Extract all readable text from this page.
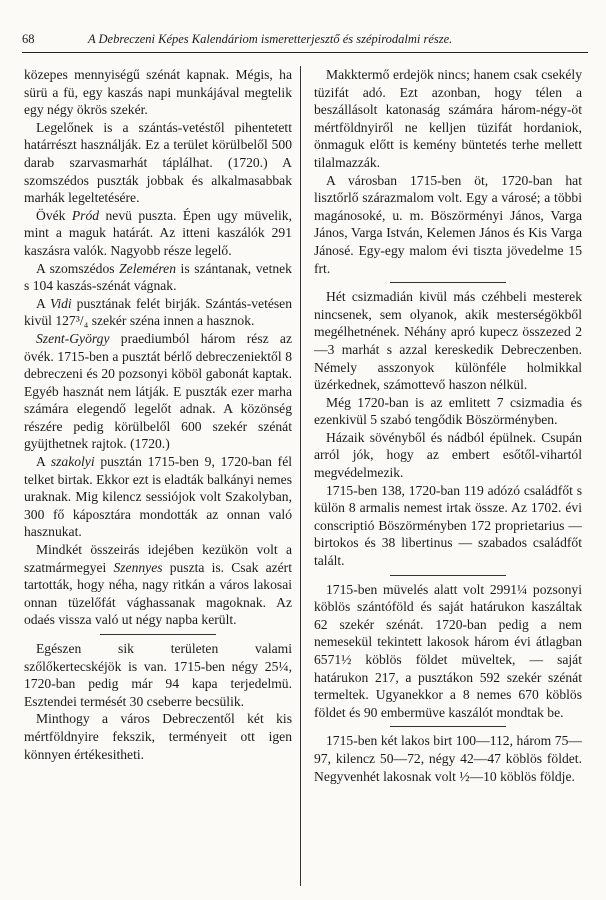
68	A Debreczeni Képes Kalendáriom ismeretterjesztő és szépirodalmi része.

közepes mennyiségű szénát kapnak. Mégis, ha sürü a fü, egy kaszás napi munkájával megtelik egy négy ökrös szekér.

Legelőnek is a szántás-vetéstől pihentetett határrészt használják. Ez a terület körülbelől 500 darab szarvasmarhát táplálhat. (1720.) A szomszédos puszták jobbak és alkalmasabbak marhák legeltetésére.

Övék Pród nevü puszta. Épen ugy müvelik, mint a maguk határát. Az itteni kaszálók 291 kaszásra valók. Nagyobb része legelő.

A szomszédos Zeleméren is szántanak, vetnek s 104 kaszás-szénát vágnak.

A Vidi pusztának felét birják. Szántás-vetésen kivül 127³/₄ szekér széna innen a hasznok.

Szent-György praediumból három rész az övék. 1715-ben a pusztát bérlő debreczeniektől 8 debreczeni és 20 pozsonyi köböl gabonát kaptak. Egyéb hasznát nem látják. E puszták ezer marha számára elegendő legelőt adnak. A közönség részére pedig körülbelől 600 szekér szénát gyüjthetnek rajtok. (1720.)

A szakolyi pusztán 1715-ben 9, 1720-ban fél telket birtak. Ekkor ezt is eladták balkányi nemes uraknak. Mig kilencz sessiójok volt Szakolyban, 300 fő káposztára mondották az onnan való hasznukat.

Mindkét összeirás idejében kezükön volt a szatmármegyei Szennyes puszta is. Csak azért tartották, hogy néha, nagy ritkán a város lakosai onnan tüzelőfát vághassanak magoknak. Az odaés vissza való ut négy napba került.

Egészen sik területen valami szőlőkertecskéjök is van. 1715-ben négy 25¼, 1720-ban pedig már 94 kapa terjedelmü. Esztendei termését 30 cseberre becsülik.

Minthogy a város Debreczentől két kis mértföldnyire fekszik, terményeit ott igen könnyen értékesitheti.

Makktermő erdejök nincs; hanem csak csekély tüzifát adó. Ezt azonban, hogy télen a beszállásolt katonaság számára három-négy-öt mértföldnyiről ne kelljen tüzifát hordaniok, önmaguk előtt is kemény büntetés terhe mellett tilalmazzák.

A városban 1715-ben öt, 1720-ban hat lisztőrlő szárazmalom volt. Egy a városé; a többi magánosoké, u. m. Böszörményi János, Varga János, Varga István, Kelemen János és Kis Varga Jánosé. Egy-egy malom évi tiszta jövedelme 15 frt.

Hét csizmadián kivül más czéhbeli mesterek nincsenek, sem olyanok, akik mesterségökből megélhetnének. Néhány apró kupecz összezed 2—3 marhát s azzal kereskedik Debreczenben. Némely asszonyok különféle holmikkal üzérkednek, számottevő haszon nélkül.

Még 1720-ban is az emlitett 7 csizmadia és ezenkivül 5 szabó tengődik Böszörményben.

Házaik sövényből és nádból épülnek. Csupán arról jók, hogy az embert esőtől-vihartól megvédelmezik.

1715-ben 138, 1720-ban 119 adózó családfőt s külön 8 armalis nemest irtak össze. Az 1702. évi conscriptió Böszörményben 172 proprietarius — birtokos és 38 libertinus — szabados családfőt talált.

1715-ben müvelés alatt volt 2991¼ pozsonyi köblös szántóföld és saját határukon kaszáltak 62 szekér szénát. 1720-ban pedig a nem nemesekül tekintett lakosok három évi átlagban 6571½ köblös földet müveltek, — saját határukon 217, a pusztákon 592 szekér szénát termeltek. Ugyanekkor a 8 nemes 670 köblös földet és 90 embermüve kaszálót mondtak be.

1715-ben két lakos birt 100—112, három 75—97, kilencz 50—72, négy 42—47 köblös földet. Negyvenhét lakosnak volt ½—10 köblös földje.
